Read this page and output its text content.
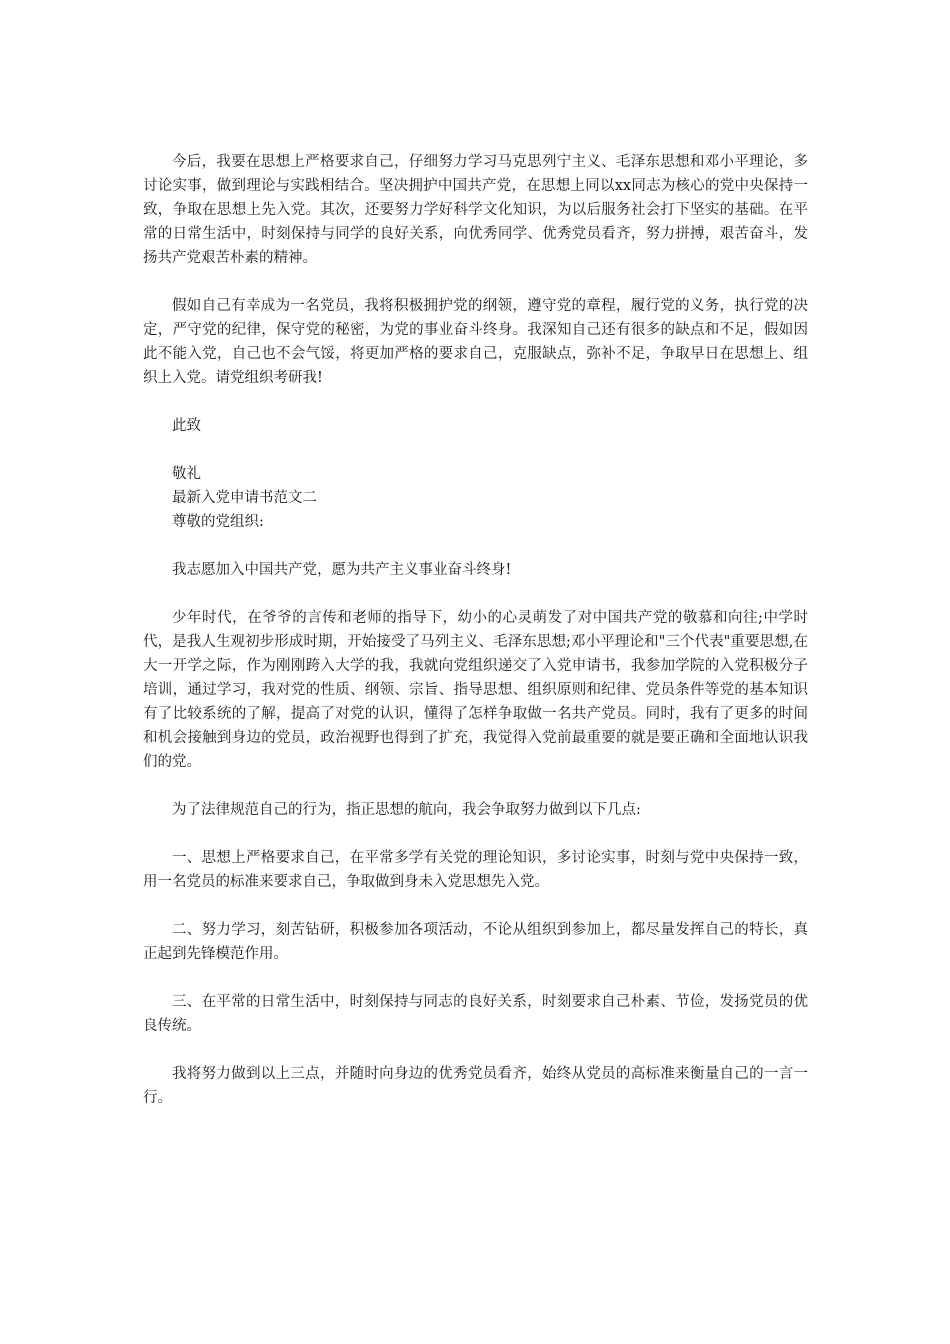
今后，我要在思想上严格要求自己，仔细努力学习马克思列宁主义、毛泽东思想和邓小平理论，多讨论实事，做到理论与实践相结合。坚决拥护中国共产党，在思想上同以xx同志为核心的党中央保持一致，争取在思想上先入党。其次，还要努力学好科学文化知识，为以后服务社会打下坚实的基础。在平常的日常生活中，时刻保持与同学的良好关系，向优秀同学、优秀党员看齐，努力拼搏，艰苦奋斗，发扬共产党艰苦朴素的精神。

假如自己有幸成为一名党员，我将积极拥护党的纲领，遵守党的章程，履行党的义务，执行党的决定，严守党的纪律，保守党的秘密，为党的事业奋斗终身。我深知自己还有很多的缺点和不足，假如因此不能入党，自己也不会气馁，将更加严格的要求自己，克服缺点，弥补不足，争取早日在思想上、组织上入党。请党组织考研我!

此致

敬礼

最新入党申请书范文二

尊敬的党组织:

我志愿加入中国共产党，愿为共产主义事业奋斗终身!

少年时代，在爷爷的言传和老师的指导下，幼小的心灵萌发了对中国共产党的敬慕和向往;中学时代，是我人生观初步形成时期，开始接受了马列主义、毛泽东思想;邓小平理论和"三个代表"重要思想,在大一开学之际，作为刚刚跨入大学的我，我就向党组织递交了入党申请书，我参加学院的入党积极分子培训，通过学习，我对党的性质、纲领、宗旨、指导思想、组织原则和纪律、党员条件等党的基本知识有了比较系统的了解，提高了对党的认识，懂得了怎样争取做一名共产党员。同时，我有了更多的时间和机会接触到身边的党员，政治视野也得到了扩充，我觉得入党前最重要的就是要正确和全面地认识我们的党。

为了法律规范自己的行为，指正思想的航向，我会争取努力做到以下几点:

一、思想上严格要求自己，在平常多学有关党的理论知识，多讨论实事，时刻与党中央保持一致，用一名党员的标准来要求自己，争取做到身未入党思想先入党。

二、努力学习，刻苦钻研，积极参加各项活动，不论从组织到参加上，都尽量发挥自己的特长，真正起到先锋模范作用。

三、在平常的日常生活中，时刻保持与同志的良好关系，时刻要求自己朴素、节俭，发扬党员的优良传统。

我将努力做到以上三点，并随时向身边的优秀党员看齐，始终从党员的高标准来衡量自己的一言一行。
